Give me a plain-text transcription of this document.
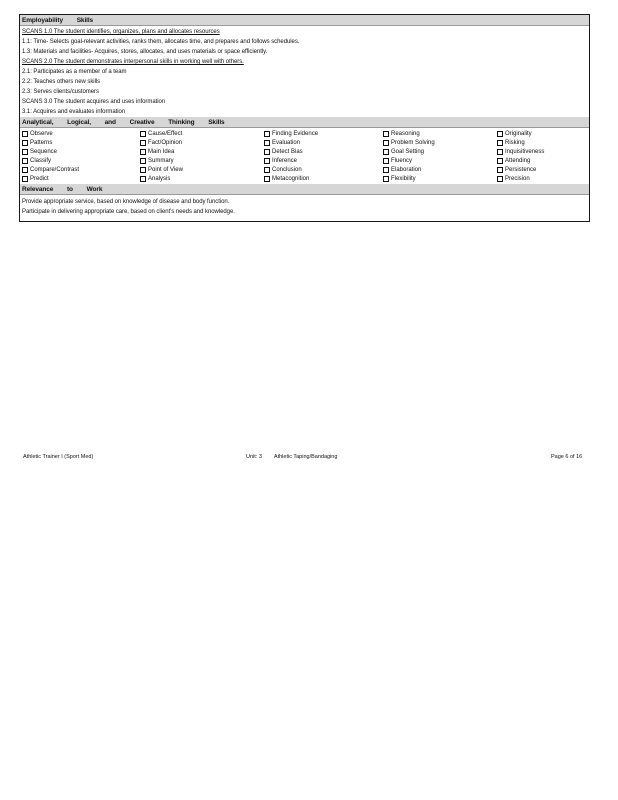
Employability Skills
SCANS 1.0 The student identifies, organizes, plans and allocates resources
1.1: Time- Selects goal-relevant activities, ranks them, allocates time, and prepares and follows schedules.
1.3: Materials and facilities- Acquires, stores, allocates, and uses materials or space efficiently.
SCANS 2.0 The student demonstrates interpersonal skills in working well with others.
2.1: Participates as a member of a team
2.2: Teaches others new skills
2.3: Serves clients/customers
SCANS 3.0 The student acquires and uses information
3.1: Acquires and evaluates information
Analytical, Logical, and Creative Thinking Skills
Observe
Patterns
Sequence
Classify
Compare/Contrast
Predict
Cause/Effect
Fact/Opinion
Main Idea
Summary
Point of View
Analysis
Finding Evidence
Evaluation
Detect Bias
Inference
Conclusion
Metacognition
Reasoning
Problem Solving
Goal Setting
Fluency
Elaboration
Flexibility
Originality
Risking
Inquisitiveness
Attending
Persistence
Precision
Relevance to Work
Provide appropriate service, based on knowledge of disease and body function.
Participate in delivering appropriate care, based on client's needs and knowledge.
Athletic Trainer I (Sport Med)	Unit: 3 Athletic Taping/Bandaging	Page 6 of 16
